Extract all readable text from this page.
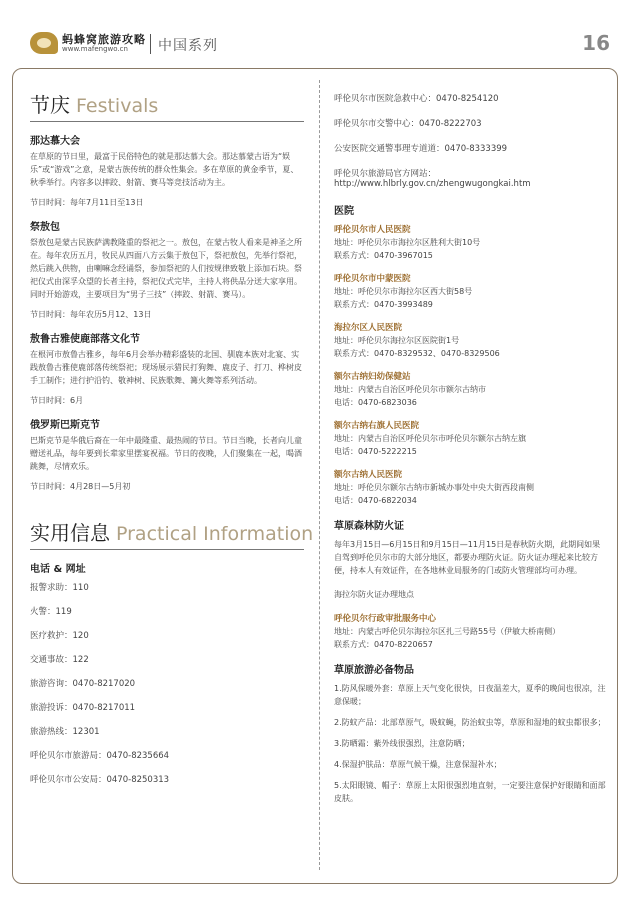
蚂蜂窝旅游攻略
www.mafengwo.cn 中国系列	16
节庆 Festivals
那达慕大会

在草原的节日里，最富于民俗特色的就是那达慕大会。那达慕蒙古语为“娱乐”或“游戏”之意，是蒙古族传统的群众性集会。多在草原的黄金季节，夏、秋季举行。内容多以摔跤、射箭、赛马等竞技活动为主。

节日时间：每年7月11日至13日
祭敖包

祭敖包是蒙古民族萨满教隆重的祭祀之一。敖包，在蒙古牧人看来是神圣之所在。每年农历五月，牧民从四面八方云集于敖包下，祭祀敖包，先举行祭祀，然后跳入供物，由喇嘛念经诵祭，参加祭祀的人们按规律致敬上添加石块。祭祀仪式由深孚众望的长者主持，祭祀仪式完毕，主持人将供品分送大家享用。同时开始游戏，主要项目为“男子三技”（摔跤、射箭、赛马）。

节日时间：每年农历5月12、13日
敖鲁古雅使鹿部落文化节

在根河市敖鲁古雅乡，每年6月会举办精彩盛装的北国、驯鹿本族对北宴、实践敖鲁古雅使鹿部落传统祭祀；现场展示猎民打狗舞、鹿皮子、打刀、桦树皮手工制作；进行护沿钓、敬神树、民族歌舞、篝火舞等系列活动。

节日时间：6月
俄罗斯巴斯克节

巴斯克节是华俄后裔在一年中最隆重、最热闹的节日。节日当晚，长者向儿童赠送礼品，每年要到长辈家里摆宴祝福。节日的夜晚，人们聚集在一起，喝酒跳舞，尽情欢乐。

节日时间：4月28日—5月初
实用信息 Practical Information
电话 & 网址
报警求助：110
火警：119
医疗救护：120
交通事故：122
旅游咨询：0470-8217020
旅游投诉：0470-8217011
旅游热线：12301
呼伦贝尔市旅游局：0470-8235664
呼伦贝尔市公安局：0470-8250313
呼伦贝尔市医院急救中心：0470-8254120
呼伦贝尔市交警中心：0470-8222703
公安医院交通警事理专道道：0470-8333399
呼伦贝尔旅游局官方网站：http://www.hlbrly.gov.cn/zhengwugongkai.htm
医院
呼伦贝尔市人民医院
地址：呼伦贝尔市海拉尔区胜利大街10号
联系方式：0470-3967015
呼伦贝尔市中蒙医院
地址：呼伦贝尔市海拉尔区西大街58号
联系方式：0470-3993489
海拉尔区人民医院
地址：呼伦贝尔海拉尔区医院街1号
联系方式：0470-8329532、0470-8329506
额尔古纳妇幼保健站
地址：内蒙古自治区呼伦贝尔市额尔古纳市
电话：0470-6823036
额尔古纳右旗人民医院
地址：内蒙古自治区呼伦贝尔市呼伦贝尔额尔古纳左旗
电话：0470-5222215
额尔古纳人民医院
地址：呼伦贝尔额尔古纳市新城办事处中央大街西段南侧
电话：0470-6822034
草原森林防火证

每年3月15日—6月15日和9月15日—11月15日是春秋防火期，此期间如果自驾到呼伦贝尔市的大部分地区，都要办理防火证。防火证办理起来比较方便，持本人有效证件，在各地林业局服务的门或防火管理部均可办理。

海拉尔防火证办理地点
呼伦贝尔行政审批服务中心
地址：内蒙古呼伦贝尔海拉尔区扎三号路55号（伊敏大桥南侧）
联系方式：0470-8220657
草原旅游必备物品
1.防风保暖外套：草原上天气变化很快，日夜温差大，夏季的晚间也很凉，注意保暖；
2.防蚊产品：北部草原气，吸蚊蝇，防治蚊虫等，草原和湿地的蚊虫都很多；
3.防晒霜：紫外线很强烈，注意防晒；
4.保湿护肤品：草原气候干燥，注意保湿补水；
5.太阳眼镜、帽子：草原上太阳很强烈地直射，一定要注意保护好眼睛和面部皮肤。
